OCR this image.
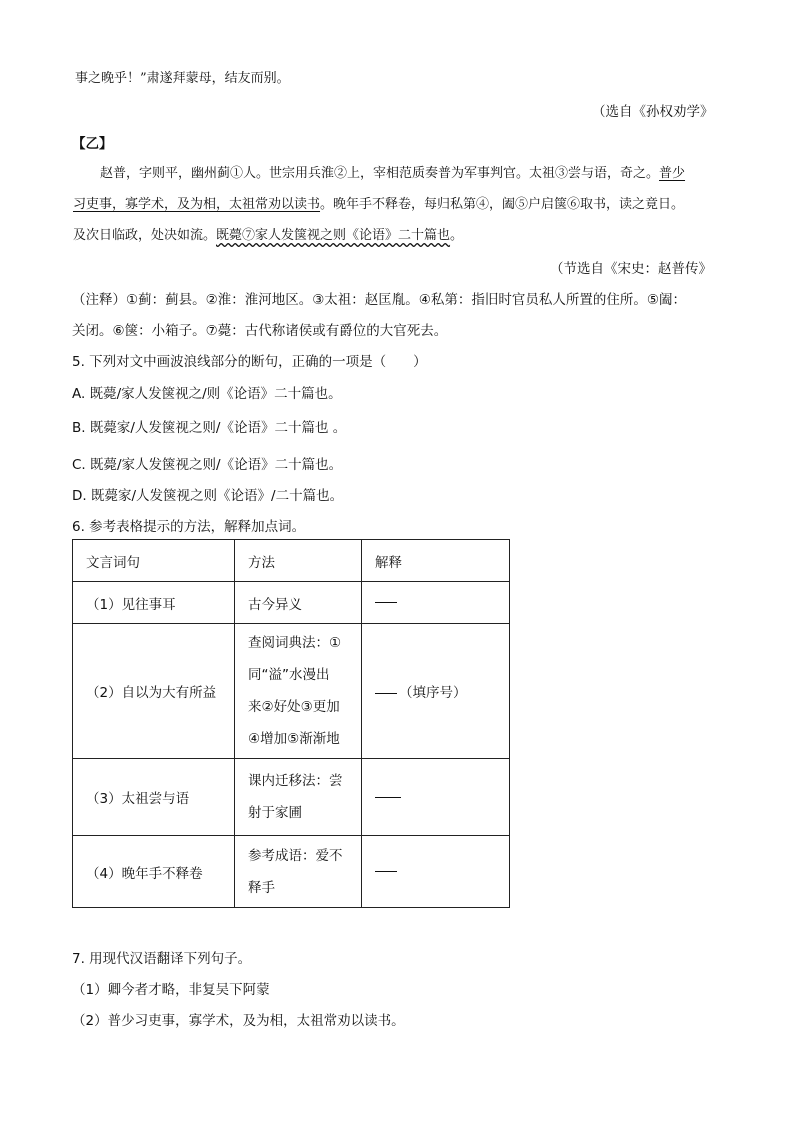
事之晚乎！”肃遂拜蒙母，结友而别。
（选自《孙权劝学》
【乙】
赵普，字则平，幽州蓟①人。世宗用兵淮②上，宰相范质奏普为军事判官。太祖③尝与语，奇之。普少
习吏事，寡学术，及为相，太祖常劝以读书。晚年手不释卷，每归私第④，阖⑤户启箧⑥取书，读之竟日。
及次日临政，处决如流。既薨⑦家人发箧视之则《论语》二十篇也。
（节选自《宋史：赵普传》
（注释）①蓟：蓟县。②淮：淮河地区。③太祖：赵匡胤。④私第：指旧时官员私人所置的住所。⑤阖：
关闭。⑥箧：小箱子。⑦薨：古代称诸侯或有爵位的大官死去。
5. 下列对文中画波浪线部分的断句，正确的一项是（　　）
A. 既薨/家人发箧视之/则《论语》二十篇也。
B. 既薨家/人发箧视之则/《论语》二十篇也 。
C. 既薨/家人发箧视之则/《论语》二十篇也。
D. 既薨家/人发箧视之则《论语》/二十篇也。
6. 参考表格提示的方法，解释加点词。
文言词句	方法	解释
（1）见往事耳	古今异义	
（2）自以为大有所益	查阅词典法：①
同“溢”水漫出
来②好处③更加
④增加⑤渐渐地	（填序号）
（3）太祖尝与语	课内迁移法：尝
射于家圃	

（4）晚年手不释卷	参考成语：爱不
释手	

7. 用现代汉语翻译下列句子。
（1）卿今者才略，非复吴下阿蒙
（2）普少习吏事，寡学术，及为相，太祖常劝以读书。
